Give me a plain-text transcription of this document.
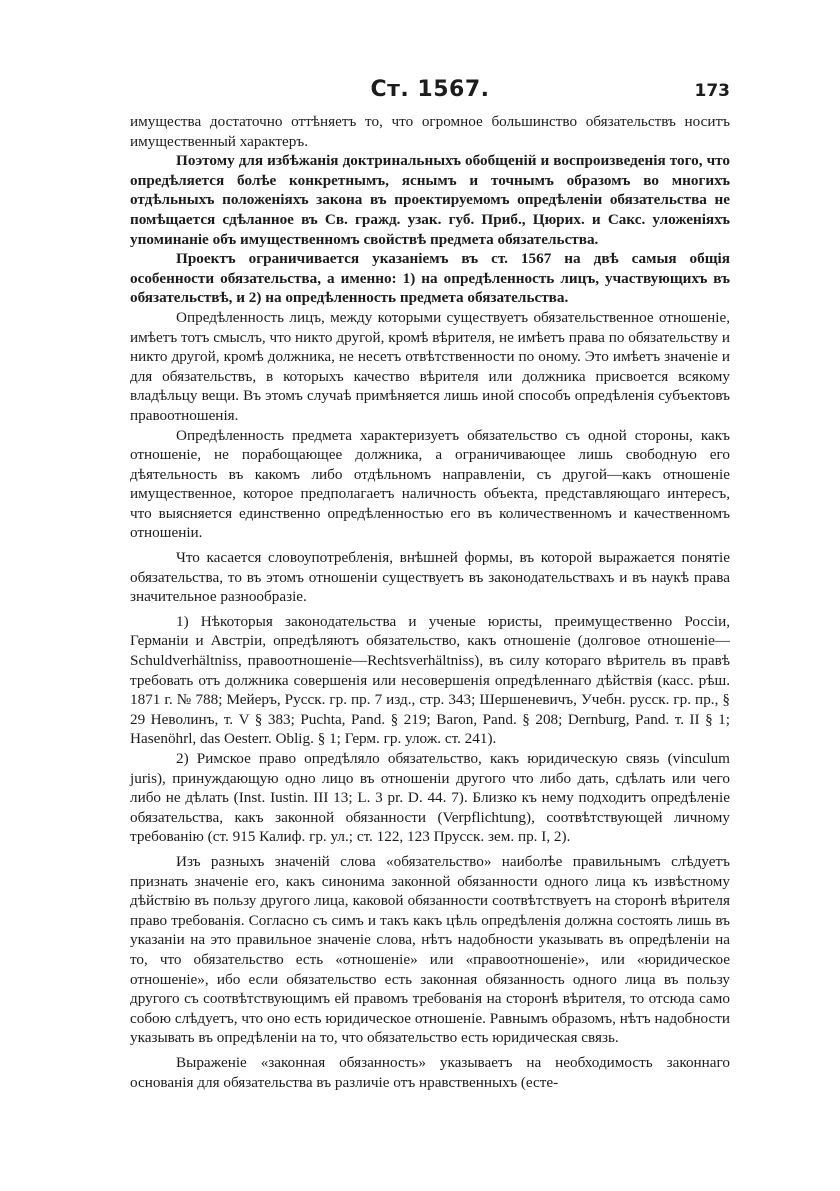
Ст. 1567.	173

имущества достаточно оттѣняетъ то, что огромное большинство обязательствъ носитъ имущественный характеръ.

Поэтому для избѣжанія доктринальныхъ обобщеній и воспроизведенія того, что опредѣляется болѣе конкретнымъ, яснымъ и точнымъ образомъ во многихъ отдѣльныхъ положеніяхъ закона въ проектируемомъ опредѣленіи обязательства не помѣщается сдѣланное въ Св. гражд. узак. губ. Приб., Цюрих. и Сакс. уложеніяхъ упоминаніе объ имущественномъ свойствѣ предмета обязательства.

Проектъ ограничивается указаніемъ въ ст. 1567 на двѣ самыя общія особенности обязательства, а именно: 1) на опредѣленность лицъ, участвующихъ въ обязательствѣ, и 2) на опредѣленность предмета обязательства.

Опредѣленность лицъ, между которыми существуетъ обязательственное отношеніе, имѣетъ тотъ смыслъ, что никто другой, кромѣ вѣрителя, не имѣетъ права по обязательству и никто другой, кромѣ должника, не несетъ отвѣтственности по оному. Это имѣетъ значеніе и для обязательствъ, в которыхъ качество вѣрителя или должника присвоется всякому владѣльцу вещи. Въ этомъ случаѣ примѣняется лишь иной способъ опредѣленія субъектовъ правоотношенія.

Опредѣленность предмета характеризуетъ обязательство съ одной стороны, какъ отношеніе, не порабощающее должника, а ограничивающее лишь свободную его дѣятельность въ какомъ либо отдѣльномъ направленіи, съ другой—какъ отношеніе имущественное, которое предполагаетъ наличность объекта, представляющаго интересъ, что выясняется единственно опредѣленностью его въ количественномъ и качественномъ отношеніи.

Что касается словоупотребленія, внѣшней формы, въ которой выражается понятіе обязательства, то въ этомъ отношеніи существуетъ въ законодательствахъ и въ наукѣ права значительное разнообразіе.

1) Нѣкоторыя законодательства и ученые юристы, преимущественно Россіи, Германіи и Австріи, опредѣляютъ обязательство, какъ отношеніе (долговое отношеніе—Schuldverhältniss, правоотношеніе—Rechtsverhältniss), въ силу котораго вѣритель въ правѣ требовать отъ должника совершенія или несовершенія опредѣленнаго дѣйствія (касс. рѣш. 1871 г. № 788; Мейеръ, Русск. гр. пр. 7 изд., стр. 343; Шершеневичъ, Учебн. русск. гр. пр., § 29 Неволинъ, т. V § 383; Puchta, Pand. § 219; Baron, Pand. § 208; Dernburg, Pand. т. II § 1; Hasenöhrl, das Oesterr. Oblig. § 1; Герм. гр. улож. ст. 241).

2) Римское право опредѣляло обязательство, какъ юридическую связь (vinculum juris), принуждающую одно лицо въ отношеніи другого что либо дать, сдѣлать или чего либо не дѣлать (Inst. Iustin. III 13; L. 3 pr. D. 44. 7). Близко къ нему подходитъ опредѣленіе обязательства, какъ законной обязанности (Verpflichtung), соотвѣтствующей личному требованію (ст. 915 Калиф. гр. ул.; ст. 122, 123 Прусск. зем. пр. I, 2).

Изъ разныхъ значеній слова «обязательство» наиболѣе правильнымъ слѣдуетъ признать значеніе его, какъ синонима законной обязанности одного лица къ извѣстному дѣйствію въ пользу другого лица, каковой обязанности соотвѣтствуетъ на сторонѣ вѣрителя право требованія. Согласно съ симъ и такъ какъ цѣль опредѣленія должна состоять лишь въ указаніи на это правильное значеніе слова, нѣтъ надобности указывать въ опредѣленіи на то, что обязательство есть «отношеніе» или «правоотношеніе», или «юридическое отношеніе», ибо если обязательство есть законная обязанность одного лица въ пользу другого съ соотвѣтствующимъ ей правомъ требованія на сторонѣ вѣрителя, то отсюда само собою слѣдуетъ, что оно есть юридическое отношеніе. Равнымъ образомъ, нѣтъ надобности указывать въ опредѣленіи на то, что обязательство есть юридическая связь.

Выраженіе «законная обязанность» указываетъ на необходимость законнаго основанія для обязательства въ различіе отъ нравственныхъ (есте-
